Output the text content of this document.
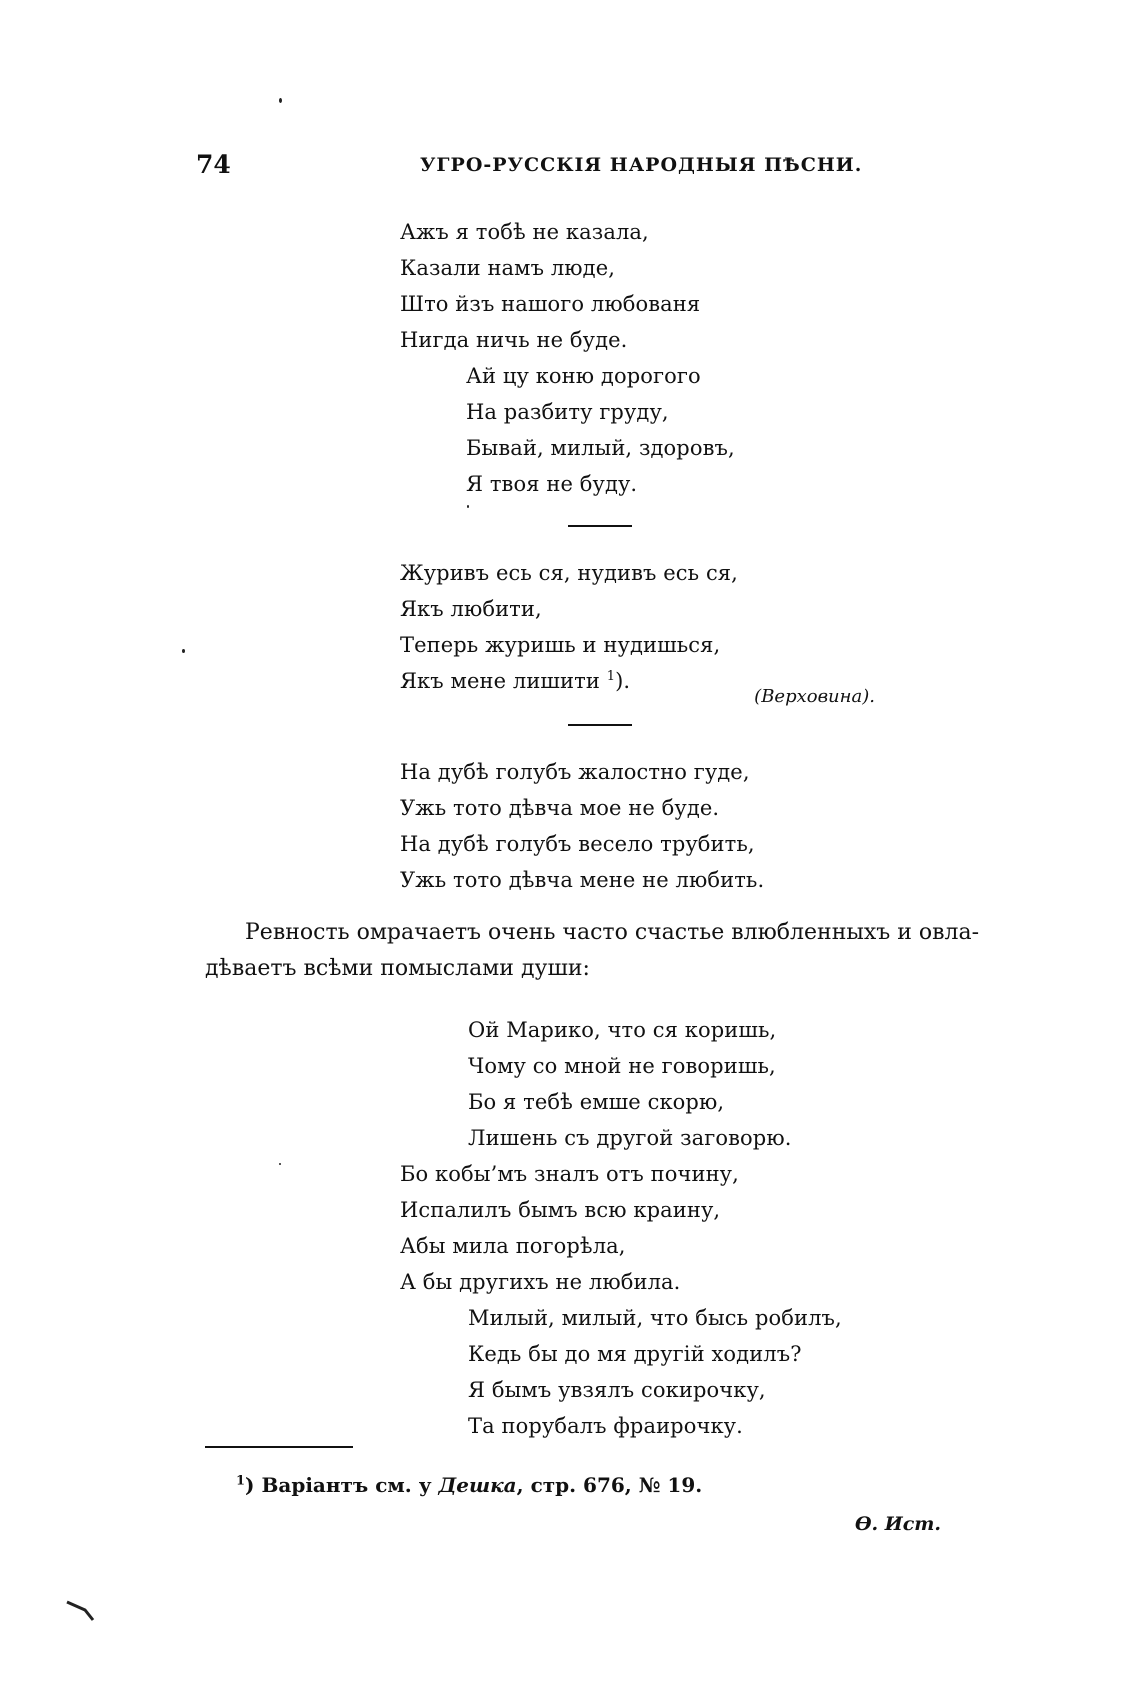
74	УГРО-РУССКІЯ НАРОДНЫЯ ПѢСНИ.
Ажъ я тобѣ не казала,
Казали намъ люде,
Што йзъ нашого любованя
Нигда ничь не буде.
Ай цу коню дорогого
На разбиту груду,
Бывай, милый, здоровъ,
Я твоя не буду.
Журивъ есь ся, нудивъ есь ся,
Якъ любити,
Теперь журишь и нудишься,
Якъ мене лишити $^1$).
(Верховина).
На дубѣ голубъ жалостно гуде,
Ужь тото дѣвча мое не буде.
На дубѣ голубъ весело трубить,
Ужь тото дѣвча мене не любить.
Ревность омрачаетъ очень часто счастье влюбленныхъ и овла-
дѣваетъ всѣми помыслами души:
Ой Марико, что ся коришь,
Чому со мной не говоришь,
Бо я тебѣ емше скорю,
Лишень съ другой заговорю.
Бо кобы’мъ зналъ отъ почину,
Испалилъ бымъ всю краину,
Абы мила погорѣла,
А бы другихъ не любила.
Милый, милый, что бысь робилъ,
Кедь бы до мя другій ходилъ?
Я бымъ увзялъ сокирочку,
Та порубалъ фраирочку.
$^1$) Варіантъ см. у Дешка, стр. 676, № 19.
Ѳ. Ист.
